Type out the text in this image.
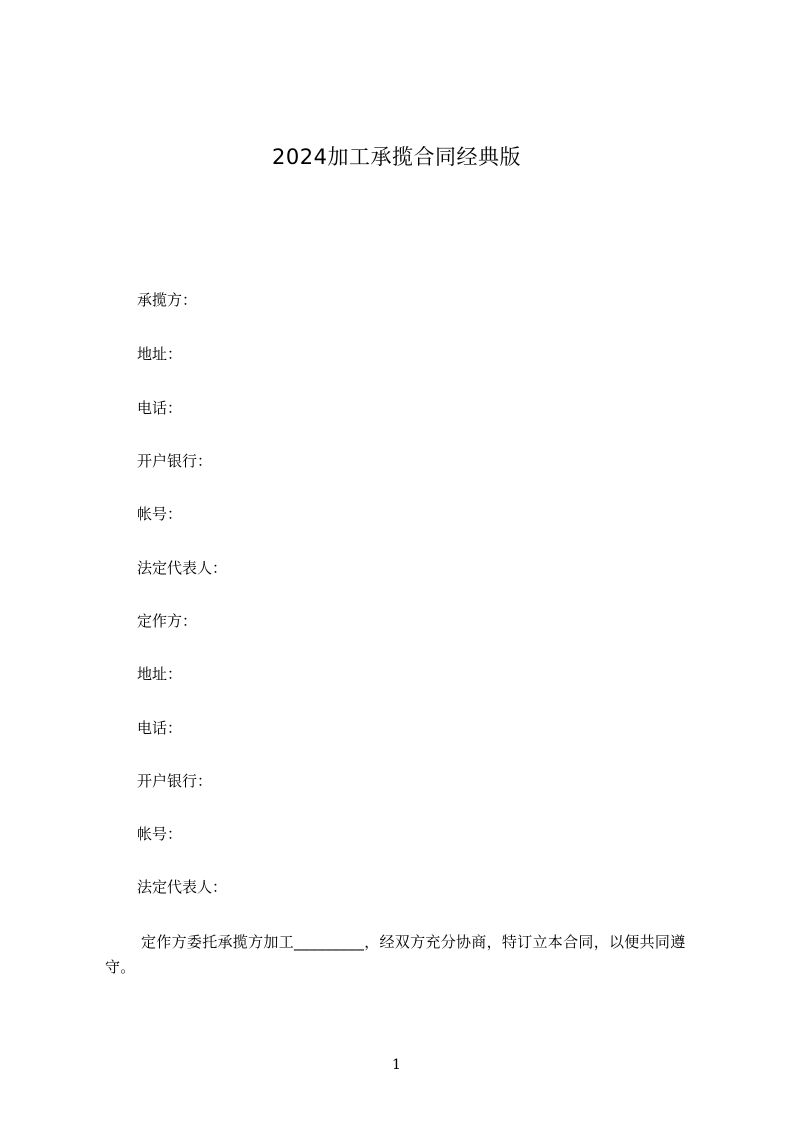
2024加工承揽合同经典版
承揽方：
地址：
电话：
开户银行：
帐号：
法定代表人：
定作方：
地址：
电话：
开户银行：
帐号：
法定代表人：
定作方委托承揽方加工_________，经双方充分协商，特订立本合同，以便共同遵守。
1
